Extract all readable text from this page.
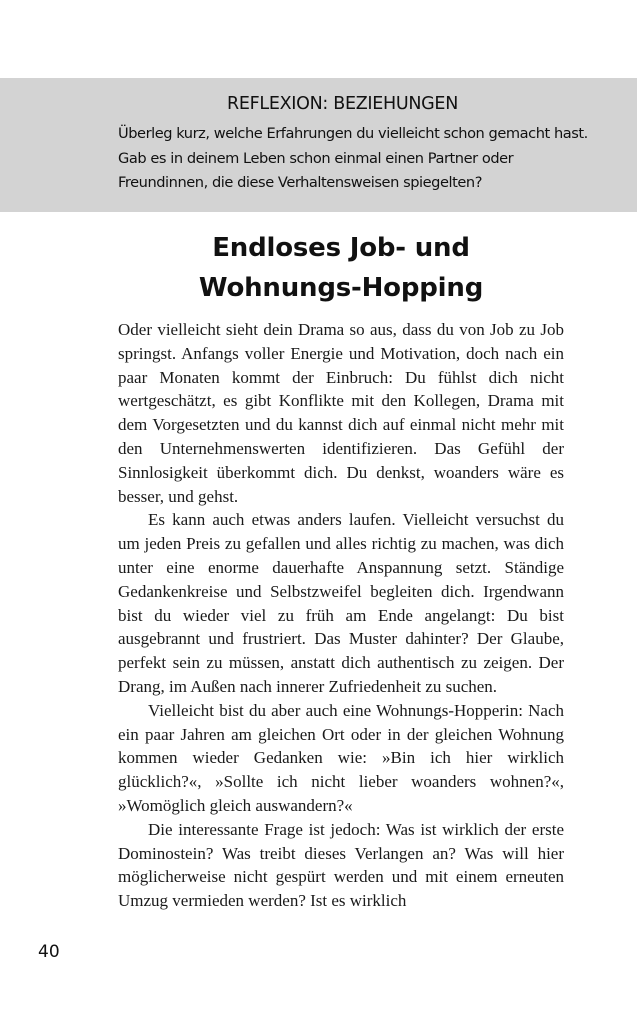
REFLEXION: BEZIEHUNGEN

Überleg kurz, welche Erfahrungen du vielleicht schon gemacht hast. Gab es in deinem Leben schon einmal einen Partner oder Freundinnen, die diese Verhaltensweisen spiegelten?

Endloses Job- und
Wohnungs-Hopping

Oder vielleicht sieht dein Drama so aus, dass du von Job zu Job springst. Anfangs voller Energie und Motivation, doch nach ein paar Monaten kommt der Einbruch: Du fühlst dich nicht wertgeschätzt, es gibt Konflikte mit den Kollegen, Drama mit dem Vorgesetzten und du kannst dich auf einmal nicht mehr mit den Unternehmenswerten identifizieren. Das Gefühl der Sinnlosigkeit überkommt dich. Du denkst, woanders wäre es besser, und gehst.

Es kann auch etwas anders laufen. Vielleicht versuchst du um jeden Preis zu gefallen und alles richtig zu machen, was dich unter eine enorme dauerhafte Anspannung setzt. Ständige Gedankenkreise und Selbstzweifel begleiten dich. Irgendwann bist du wieder viel zu früh am Ende angelangt: Du bist ausgebrannt und frustriert. Das Muster dahinter? Der Glaube, perfekt sein zu müssen, anstatt dich authentisch zu zeigen. Der Drang, im Außen nach innerer Zufriedenheit zu suchen.

Vielleicht bist du aber auch eine Wohnungs-Hopperin: Nach ein paar Jahren am gleichen Ort oder in der gleichen Wohnung kommen wieder Gedanken wie: »Bin ich hier wirklich glücklich?«, »Sollte ich nicht lieber woanders wohnen?«, »Womöglich gleich auswandern?«

Die interessante Frage ist jedoch: Was ist wirklich der erste Dominostein? Was treibt dieses Verlangen an? Was will hier möglicherweise nicht gespürt werden und mit einem erneuten Umzug vermieden werden? Ist es wirklich

40
